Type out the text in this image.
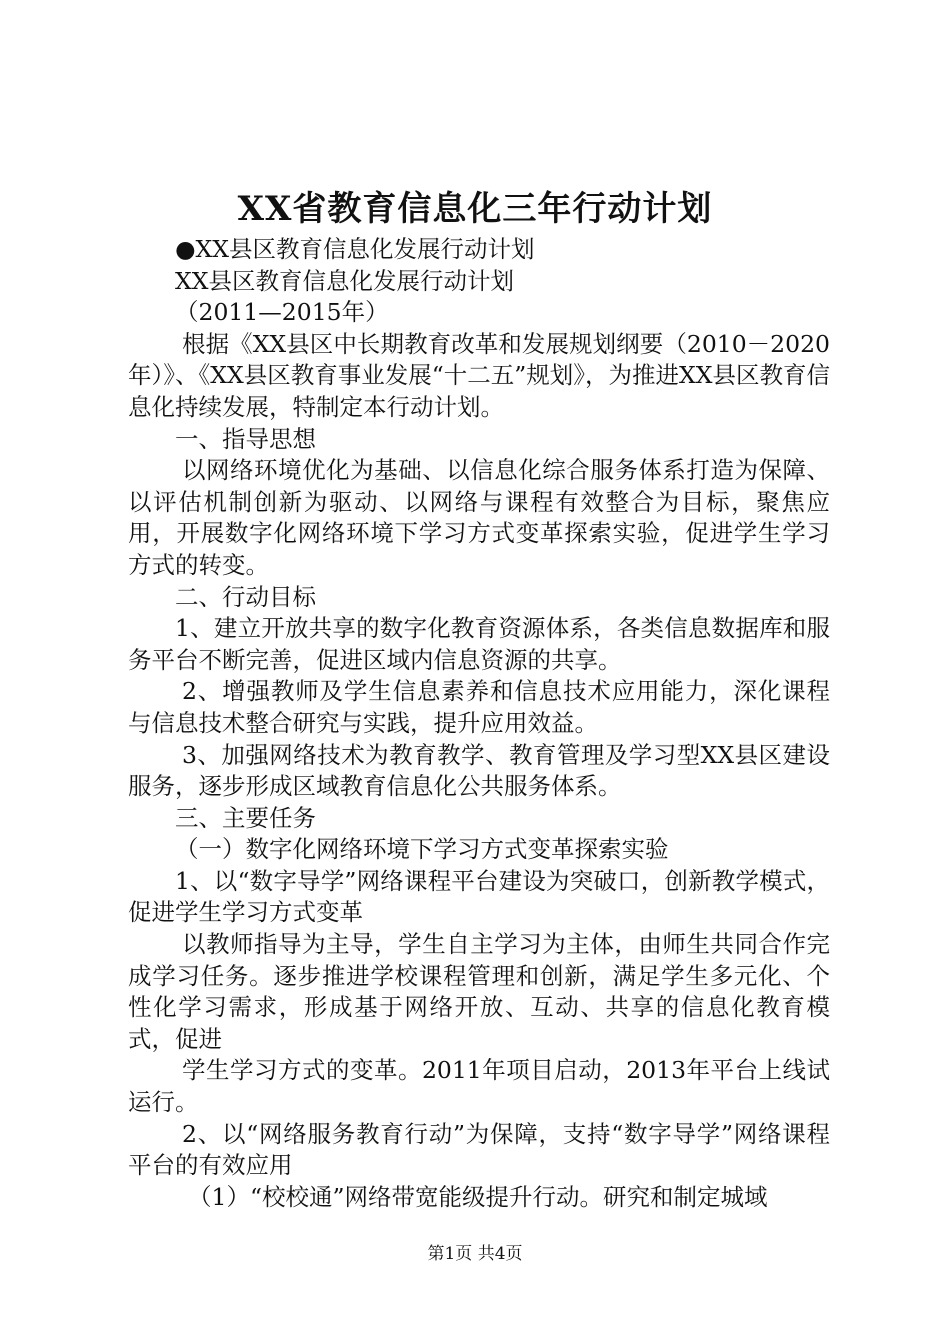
XX省教育信息化三年行动计划

●XX县区教育信息化发展行动计划

XX县区教育信息化发展行动计划

（2011—2015年）

根据《XX县区中长期教育改革和发展规划纲要（2010－2020年）》、《XX县区教育事业发展“十二五”规划》，为推进XX县区教育信息化持续发展，特制定本行动计划。

一、指导思想

以网络环境优化为基础、以信息化综合服务体系打造为保障、以评估机制创新为驱动、以网络与课程有效整合为目标，聚焦应用，开展数字化网络环境下学习方式变革探索实验，促进学生学习方式的转变。

二、行动目标

1、建立开放共享的数字化教育资源体系，各类信息数据库和服务平台不断完善，促进区域内信息资源的共享。

2、增强教师及学生信息素养和信息技术应用能力，深化课程与信息技术整合研究与实践，提升应用效益。

3、加强网络技术为教育教学、教育管理及学习型XX县区建设服务，逐步形成区域教育信息化公共服务体系。

三、主要任务

（一）数字化网络环境下学习方式变革探索实验

1、以“数字导学”网络课程平台建设为突破口，创新教学模式，促进学生学习方式变革

以教师指导为主导，学生自主学习为主体，由师生共同合作完成学习任务。逐步推进学校课程管理和创新，满足学生多元化、个性化学习需求，形成基于网络开放、互动、共享的信息化教育模式，促进

学生学习方式的变革。2011年项目启动，2013年平台上线试运行。

2、以“网络服务教育行动”为保障，支持“数字导学”网络课程平台的有效应用

（1）“校校通”网络带宽能级提升行动。研究和制定城域

第1页 共4页
